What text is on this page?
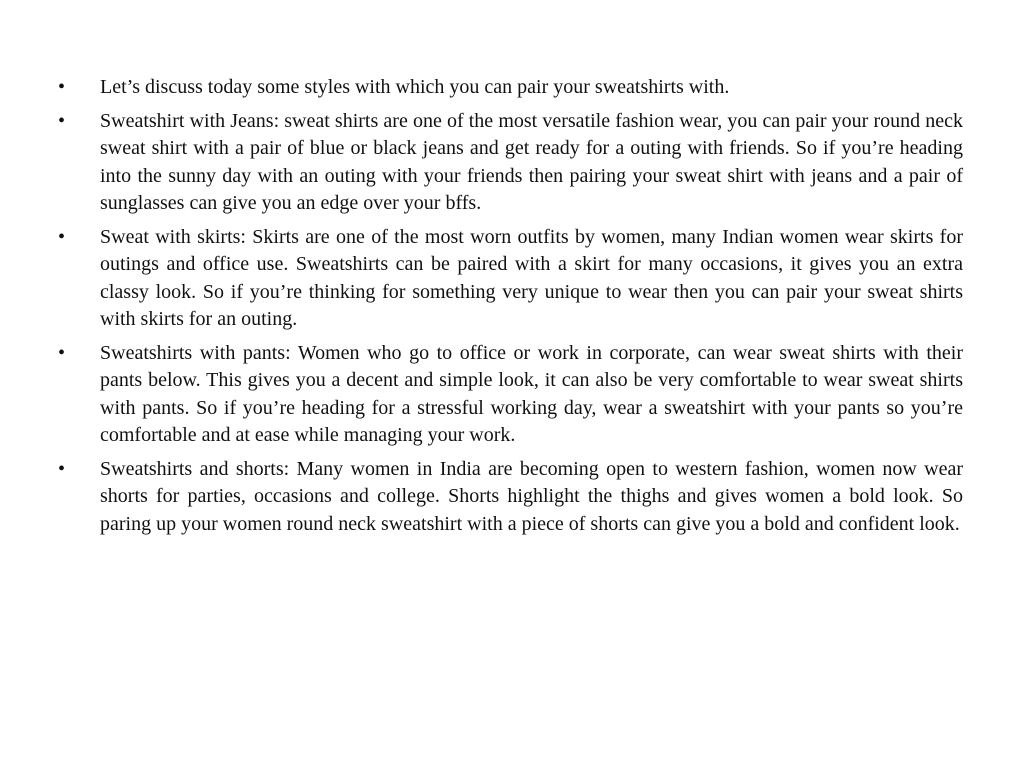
•	Let’s discuss today some styles with which you can pair your sweatshirts with.
•	Sweatshirt with Jeans: sweat shirts are one of the most versatile fashion wear, you can pair your round neck sweat shirt with a pair of blue or black jeans and get ready for a outing with friends. So if you’re heading into the sunny day with an outing with your friends then pairing your sweat shirt with jeans and a pair of sunglasses can give you an edge over your bffs.
•	Sweat with skirts: Skirts are one of the most worn outfits by women, many Indian women wear skirts for outings and office use. Sweatshirts can be paired with a skirt for many occasions, it gives you an extra classy look. So if you’re thinking for something very unique to wear then you can pair your sweat shirts with skirts for an outing.
•	Sweatshirts with pants: Women who go to office or work in corporate, can wear sweat shirts with their pants below. This gives you a decent and simple look, it can also be very comfortable to wear sweat shirts with pants. So if you’re heading for a stressful working day, wear a sweatshirt with your pants so you’re comfortable and at ease while managing your work.
•	Sweatshirts and shorts: Many women in India are becoming open to western fashion, women now wear shorts for parties, occasions and college. Shorts highlight the thighs and gives women a bold look. So paring up your women round neck sweatshirt with a piece of shorts can give you a bold and confident look.
